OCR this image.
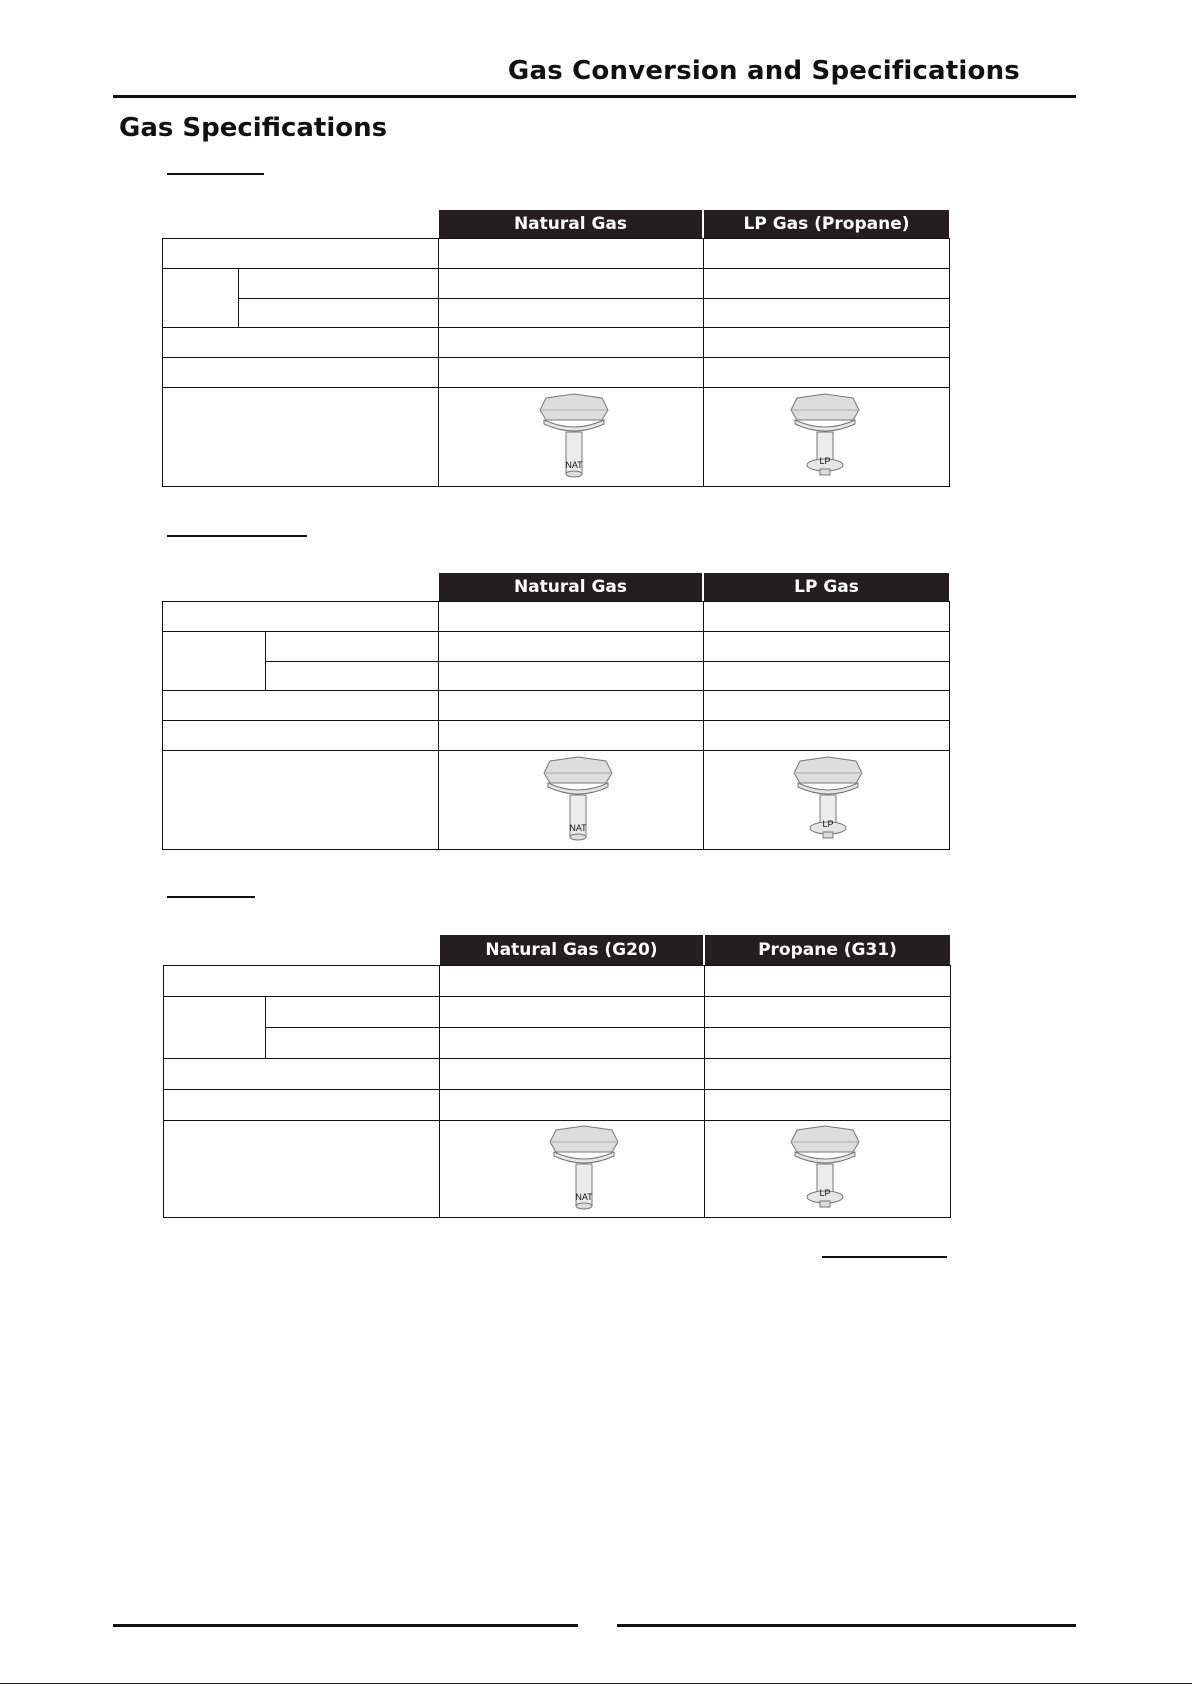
Gas Conversion and Specifications
Gas Specifications
Natural Gas	LP Gas (Propane)
NAT	LP
Natural Gas	LP Gas
NAT	LP
Natural Gas (G20)	Propane (G31)
NAT	LP
